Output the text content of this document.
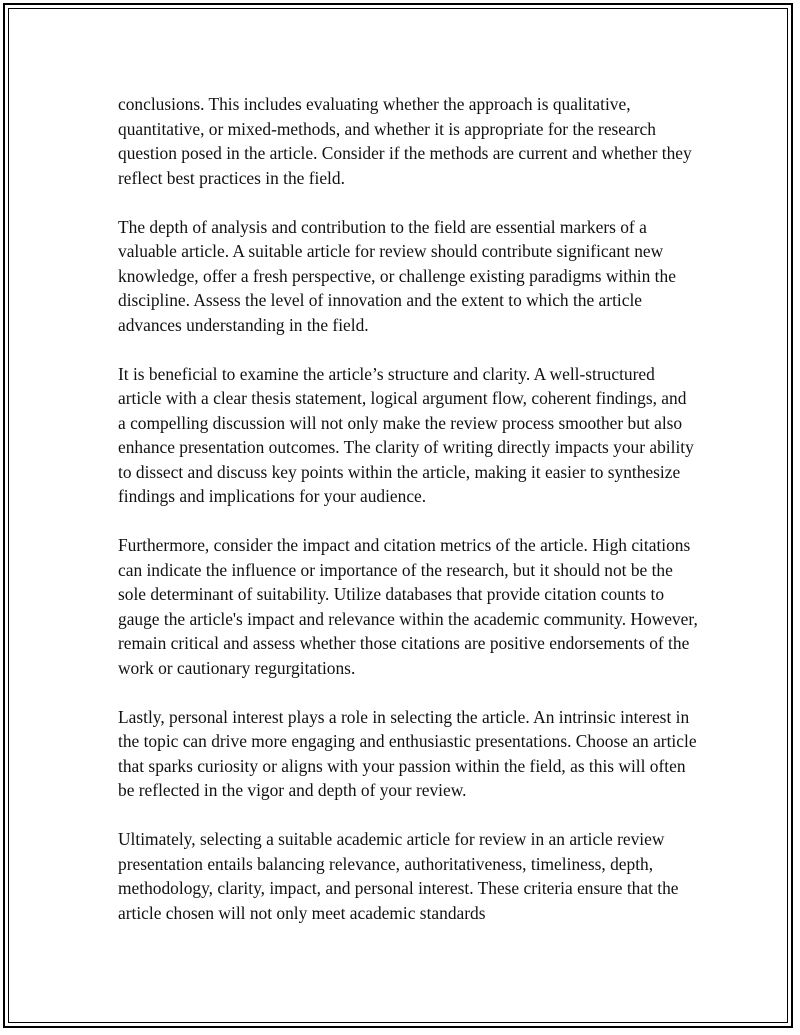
conclusions. This includes evaluating whether the approach is qualitative, quantitative, or mixed-methods, and whether it is appropriate for the research question posed in the article. Consider if the methods are current and whether they reflect best practices in the field.

The depth of analysis and contribution to the field are essential markers of a valuable article. A suitable article for review should contribute significant new knowledge, offer a fresh perspective, or challenge existing paradigms within the discipline. Assess the level of innovation and the extent to which the article advances understanding in the field.

It is beneficial to examine the article’s structure and clarity. A well-structured article with a clear thesis statement, logical argument flow, coherent findings, and a compelling discussion will not only make the review process smoother but also enhance presentation outcomes. The clarity of writing directly impacts your ability to dissect and discuss key points within the article, making it easier to synthesize findings and implications for your audience.

Furthermore, consider the impact and citation metrics of the article. High citations can indicate the influence or importance of the research, but it should not be the sole determinant of suitability. Utilize databases that provide citation counts to gauge the article's impact and relevance within the academic community. However, remain critical and assess whether those citations are positive endorsements of the work or cautionary regurgitations.

Lastly, personal interest plays a role in selecting the article. An intrinsic interest in the topic can drive more engaging and enthusiastic presentations. Choose an article that sparks curiosity or aligns with your passion within the field, as this will often be reflected in the vigor and depth of your review.

Ultimately, selecting a suitable academic article for review in an article review presentation entails balancing relevance, authoritativeness, timeliness, depth, methodology, clarity, impact, and personal interest. These criteria ensure that the article chosen will not only meet academic standards
